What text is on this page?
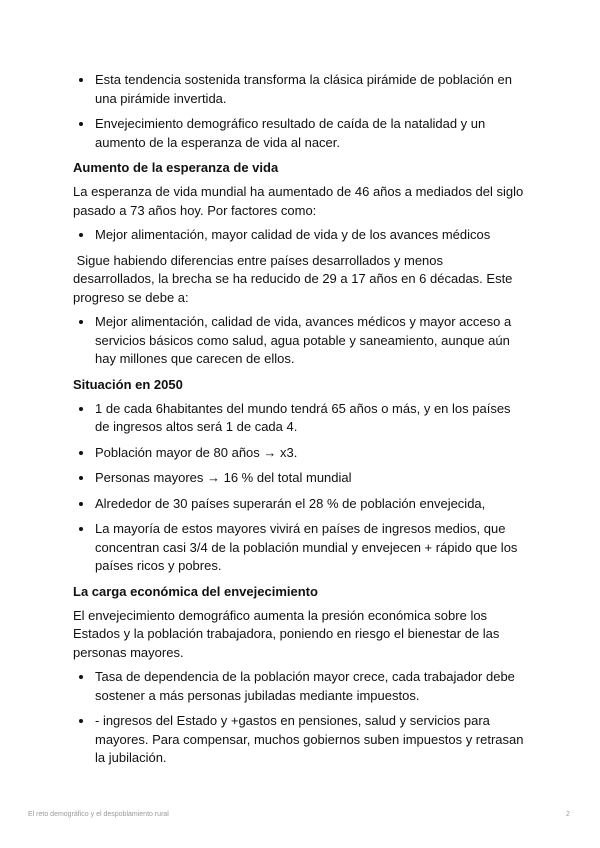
Esta tendencia sostenida transforma la clásica pirámide de población en una pirámide invertida.
Envejecimiento demográfico resultado de caída de la natalidad y un aumento de la esperanza de vida al nacer.
Aumento de la esperanza de vida
La esperanza de vida mundial ha aumentado de 46 años a mediados del siglo pasado a 73 años hoy. Por factores como:
Mejor alimentación, mayor calidad de vida y de los avances médicos
Sigue habiendo diferencias entre países desarrollados y menos desarrollados, la brecha se ha reducido de 29 a 17 años en 6 décadas. Este progreso se debe a:
Mejor alimentación, calidad de vida, avances médicos y mayor acceso a servicios básicos como salud, agua potable y saneamiento, aunque aún hay millones que carecen de ellos.
Situación en 2050
1 de cada 6habitantes del mundo tendrá 65 años o más, y en los países de ingresos altos será 1 de cada 4.
Población mayor de 80 años → x3.
Personas mayores → 16 % del total mundial
Alrededor de 30 países superarán el 28 % de población envejecida,
La mayoría de estos mayores vivirá en países de ingresos medios, que concentran casi 3/4 de la población mundial y envejecen + rápido que los países ricos y pobres.
La carga económica del envejecimiento
El envejecimiento demográfico aumenta la presión económica sobre los Estados y la población trabajadora, poniendo en riesgo el bienestar de las personas mayores.
Tasa de dependencia de la población mayor crece, cada trabajador debe sostener a más personas jubiladas mediante impuestos.
- ingresos del Estado y +gastos en pensiones, salud y servicios para mayores. Para compensar, muchos gobiernos suben impuestos y retrasan la jubilación.
El reto demográfico y el despoblamiento rural	2
